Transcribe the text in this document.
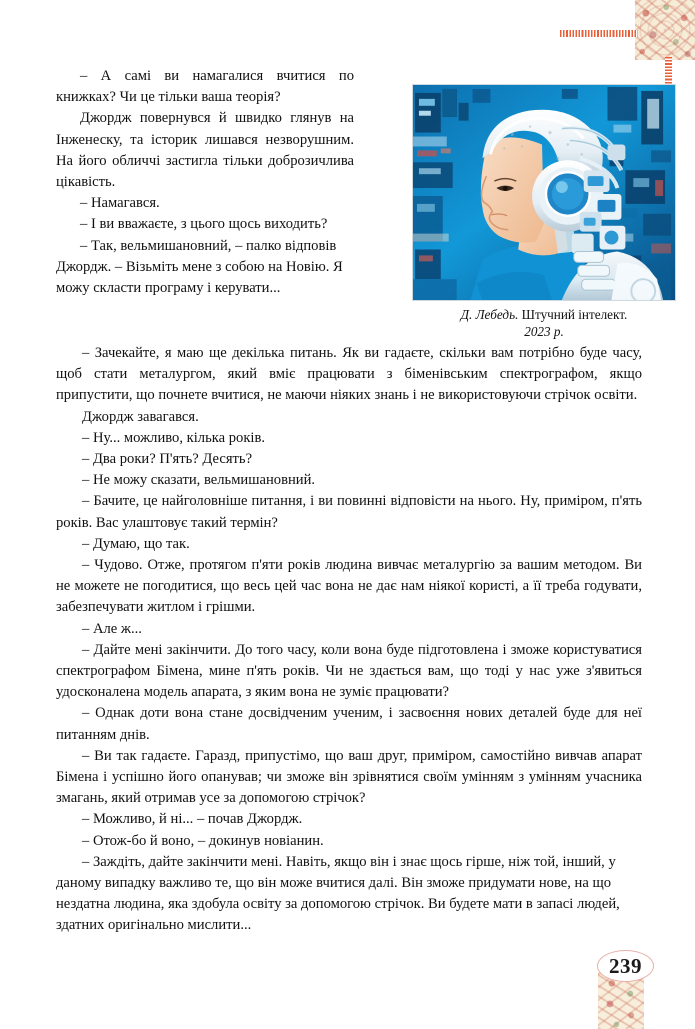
Д. Лебедь. Штучний інтелект.
2023 р.

– А самі ви намагалися вчитися по книжках? Чи це тільки ваша теорія?

Джордж повернувся й швидко глянув на Інженеску, та історик лишався незворушним. На його обличчі застигла тільки доброзичлива цікавість.

– Намагався.

– І ви вважаєте, з цього щось виходить?

– Так, вельмишановний, – палко відповів Джордж. – Візьміть мене з собою на Новію. Я можу скласти програму і керувати...

– Зачекайте, я маю ще декілька питань. Як ви гадаєте, скільки вам потрібно буде часу, щоб стати металургом, який вміє працювати з біменівським спектрографом, якщо припустити, що почнете вчитися, не маючи ніяких знань і не використовуючи стрічок освіти.

Джордж завагався.

– Ну... можливо, кілька років.

– Два роки? П'ять? Десять?

– Не можу сказати, вельмишановний.

– Бачите, це найголовніше питання, і ви повинні відповісти на нього. Ну, приміром, п'ять років. Вас улаштовує такий термін?

– Думаю, що так.

– Чудово. Отже, протягом п'яти років людина вивчає металургію за вашим методом. Ви не можете не погодитися, що весь цей час вона не дає нам ніякої користі, а її треба годувати, забезпечувати житлом і грішми.

– Але ж...

– Дайте мені закінчити. До того часу, коли вона буде підготовлена і зможе користуватися спектрографом Бімена, мине п'ять років. Чи не здається вам, що тоді у нас уже з'явиться удосконалена модель апарата, з яким вона не зуміє працювати?

– Однак доти вона стане досвідченим ученим, і засвоєння нових деталей буде для неї питанням днів.

– Ви так гадаєте. Гаразд, припустімо, що ваш друг, приміром, самостійно вивчав апарат Бімена і успішно його опанував; чи зможе він зрівнятися своїм умінням з умінням учасника змагань, який отримав усе за допомогою стрічок?

– Можливо, й ні... – почав Джордж.

– Отож-бо й воно, – докинув новіанин.

– Заждіть, дайте закінчити мені. Навіть, якщо він і знає щось гірше, ніж той, інший, у даному випадку важливо те, що він може вчитися далі. Він зможе придумати нове, на що нездатна людина, яка здобула освіту за допомогою стрічок. Ви будете мати в запасі людей, здатних оригінально мислити...

239
